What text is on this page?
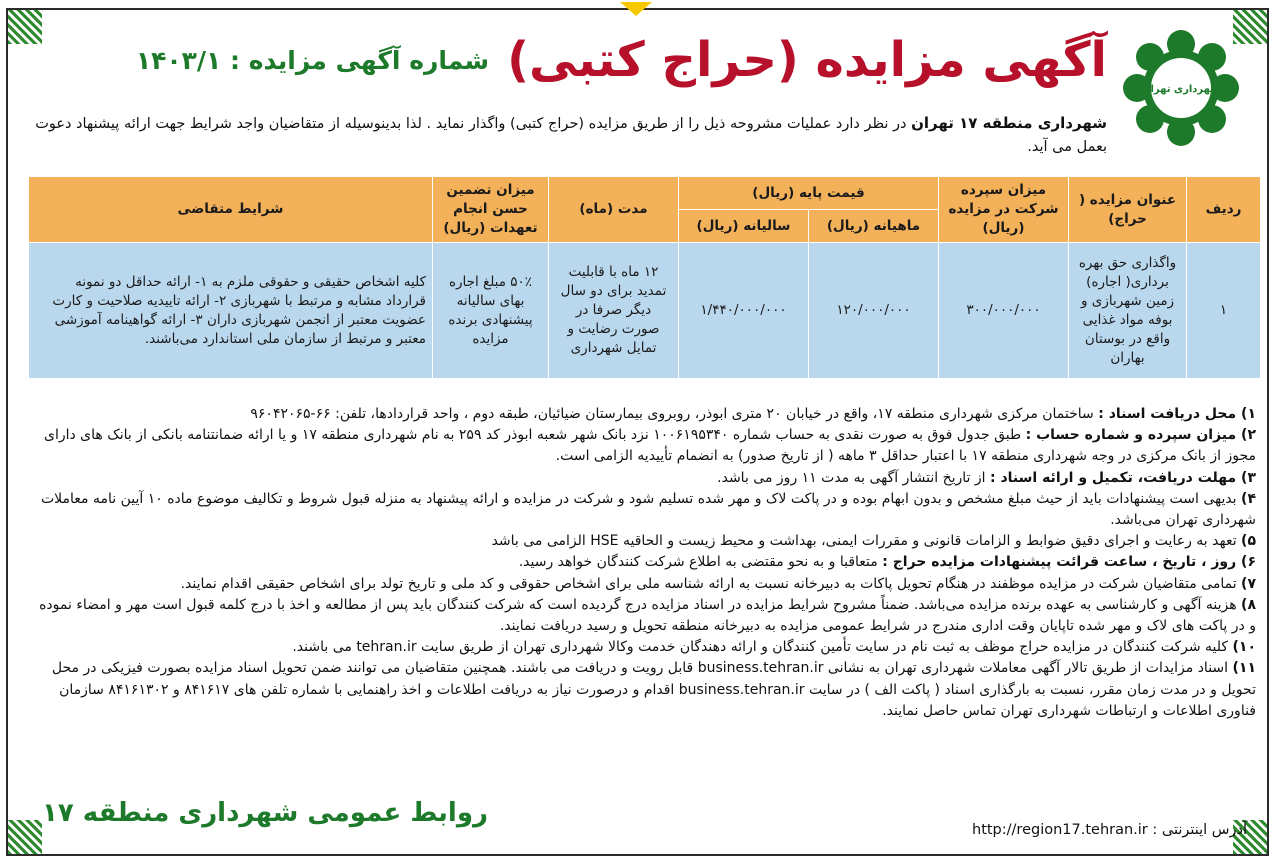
شهرداری تهران
آگهی مزایده (حراج کتبی)
شماره آگهی مزایده : ۱۴۰۳/۱
شهرداری منطقه ۱۷ تهران در نظر دارد عملیات مشروحه ذیل را از طریق مزایده (حراج کتبی) واگذار نماید . لذا بدینوسیله از متقاضیان واجد شرایط جهت ارائه پیشنهاد دعوت بعمل می آید.
ردیف	عنوان مزایده ( حراج)	میزان سپرده شرکت در مزایده (ریال)	قیمت پایه (ریال)		مدت (ماه)	میزان تضمین حسن انجام تعهدات (ریال)	شرایط متقاضی
			ماهیانه (ریال)	سالیانه (ریال)			
۱	واگذاری حق بهره برداری( اجاره) زمین شهربازی و بوفه مواد غذایی واقع در بوستان بهاران	۳۰۰/۰۰۰/۰۰۰	۱۲۰/۰۰۰/۰۰۰	۱/۴۴۰/۰۰۰/۰۰۰	۱۲ ماه با قابلیت تمدید برای دو سال دیگر صرفا در صورت رضایت و تمایل شهرداری	۵۰٪ مبلغ اجاره بهای سالیانه پیشنهادی برنده مزایده	کلیه اشخاص حقیقی و حقوقی ملزم به ۱- ارائه حداقل دو نمونه قرارداد مشابه و مرتبط با شهربازی ۲- ارائه تاییدیه صلاحیت و کارت عضویت معتبر از انجمن شهربازی داران ۳- ارائه گواهینامه آموزشی معتبر و مرتبط از سازمان ملی استاندارد می‌باشند.

۱) محل دریافت اسناد : ساختمان مرکزی شهرداری منطقه ۱۷، واقع در خیابان ۲۰ متری ابوذر، روبروی بیمارستان ضیائیان، طبقه دوم ، واحد قراردادها، تلفن: ۶۶-۹۶۰۴۲۰۶۵

۲) میزان سپرده و شماره حساب : طبق جدول فوق به صورت نقدی به حساب شماره ۱۰۰۶۱۹۵۳۴۰ نزد بانک شهر شعبه ابوذر کد ۲۵۹ به نام شهرداری منطقه ۱۷ و یا ارائه ضمانتنامه بانکی از بانک های دارای مجوز از بانک مرکزی در وجه شهرداری منطقه ۱۷ با اعتبار حداقل ۳ ماهه ( از تاریخ صدور) به انضمام تأییدیه الزامی است.

۳) مهلت دریافت، تکمیل و ارائه اسناد : از تاریخ انتشار آگهی به مدت ۱۱ روز می باشد.

۴) بدیهی است پیشنهادات باید از حیث مبلغ مشخص و بدون ابهام بوده و در پاکت لاک و مهر شده تسلیم شود و شرکت در مزایده و ارائه پیشنهاد به منزله قبول شروط و تکالیف موضوع ماده ۱۰ آیین نامه معاملات شهرداری تهران می‌باشد.

۵) تعهد به رعایت و اجرای دقیق ضوابط و الزامات قانونی و مقررات ایمنی، بهداشت و محیط زیست و الحاقیه HSE الزامی می باشد

۶) روز ، تاریخ ، ساعت قرائت پیشنهادات مزایده حراج : متعاقبا و به نحو مقتضی به اطلاع شرکت کنندگان خواهد رسید.

۷) تمامی متقاضیان شرکت در مزایده موظفند در هنگام تحویل پاکات به دبیرخانه نسبت به ارائه شناسه ملی برای اشخاص حقوقی و کد ملی و تاریخ تولد برای اشخاص حقیقی اقدام نمایند.

۸) هزینه آگهی و کارشناسی به عهده برنده مزایده می‌باشد. ضمناً مشروح شرایط مزایده در اسناد مزایده درج گردیده است که شرکت کنندگان باید پس از مطالعه و اخذ با درج کلمه قبول است مهر و امضاء نموده و در پاکت های لاک و مهر شده تاپایان وقت اداری مندرج در شرایط عمومی مزایده به دبیرخانه منطقه تحویل و رسید دریافت نمایند.

۱۰) کلیه شرکت کنندگان در مزایده حراج موظف به ثبت نام در سایت تأمین کنندگان و ارائه دهندگان خدمت وکالا شهرداری تهران از طریق سایت tehran.ir می باشند.

۱۱) اسناد مزایدات از طریق تالار آگهی معاملات شهرداری تهران به نشانی business.tehran.ir قابل رویت و دریافت می باشند. همچنین متقاضیان می توانند ضمن تحویل اسناد مزایده بصورت فیزیکی در محل تحویل و در مدت زمان مقرر، نسبت به بارگذاری اسناد ( پاکت الف ) در سایت business.tehran.ir اقدام و درصورت نیاز به دریافت اطلاعات و اخذ راهنمایی با شماره تلفن های ۸۴۱۶۱۷ و ۸۴۱۶۱۳۰۲ سازمان فناوری اطلاعات و ارتباطات شهرداری تهران تماس حاصل نمایند.

آدرس اینترنتی : http://region17.tehran.ir
روابط عمومی شهرداری منطقه ۱۷
